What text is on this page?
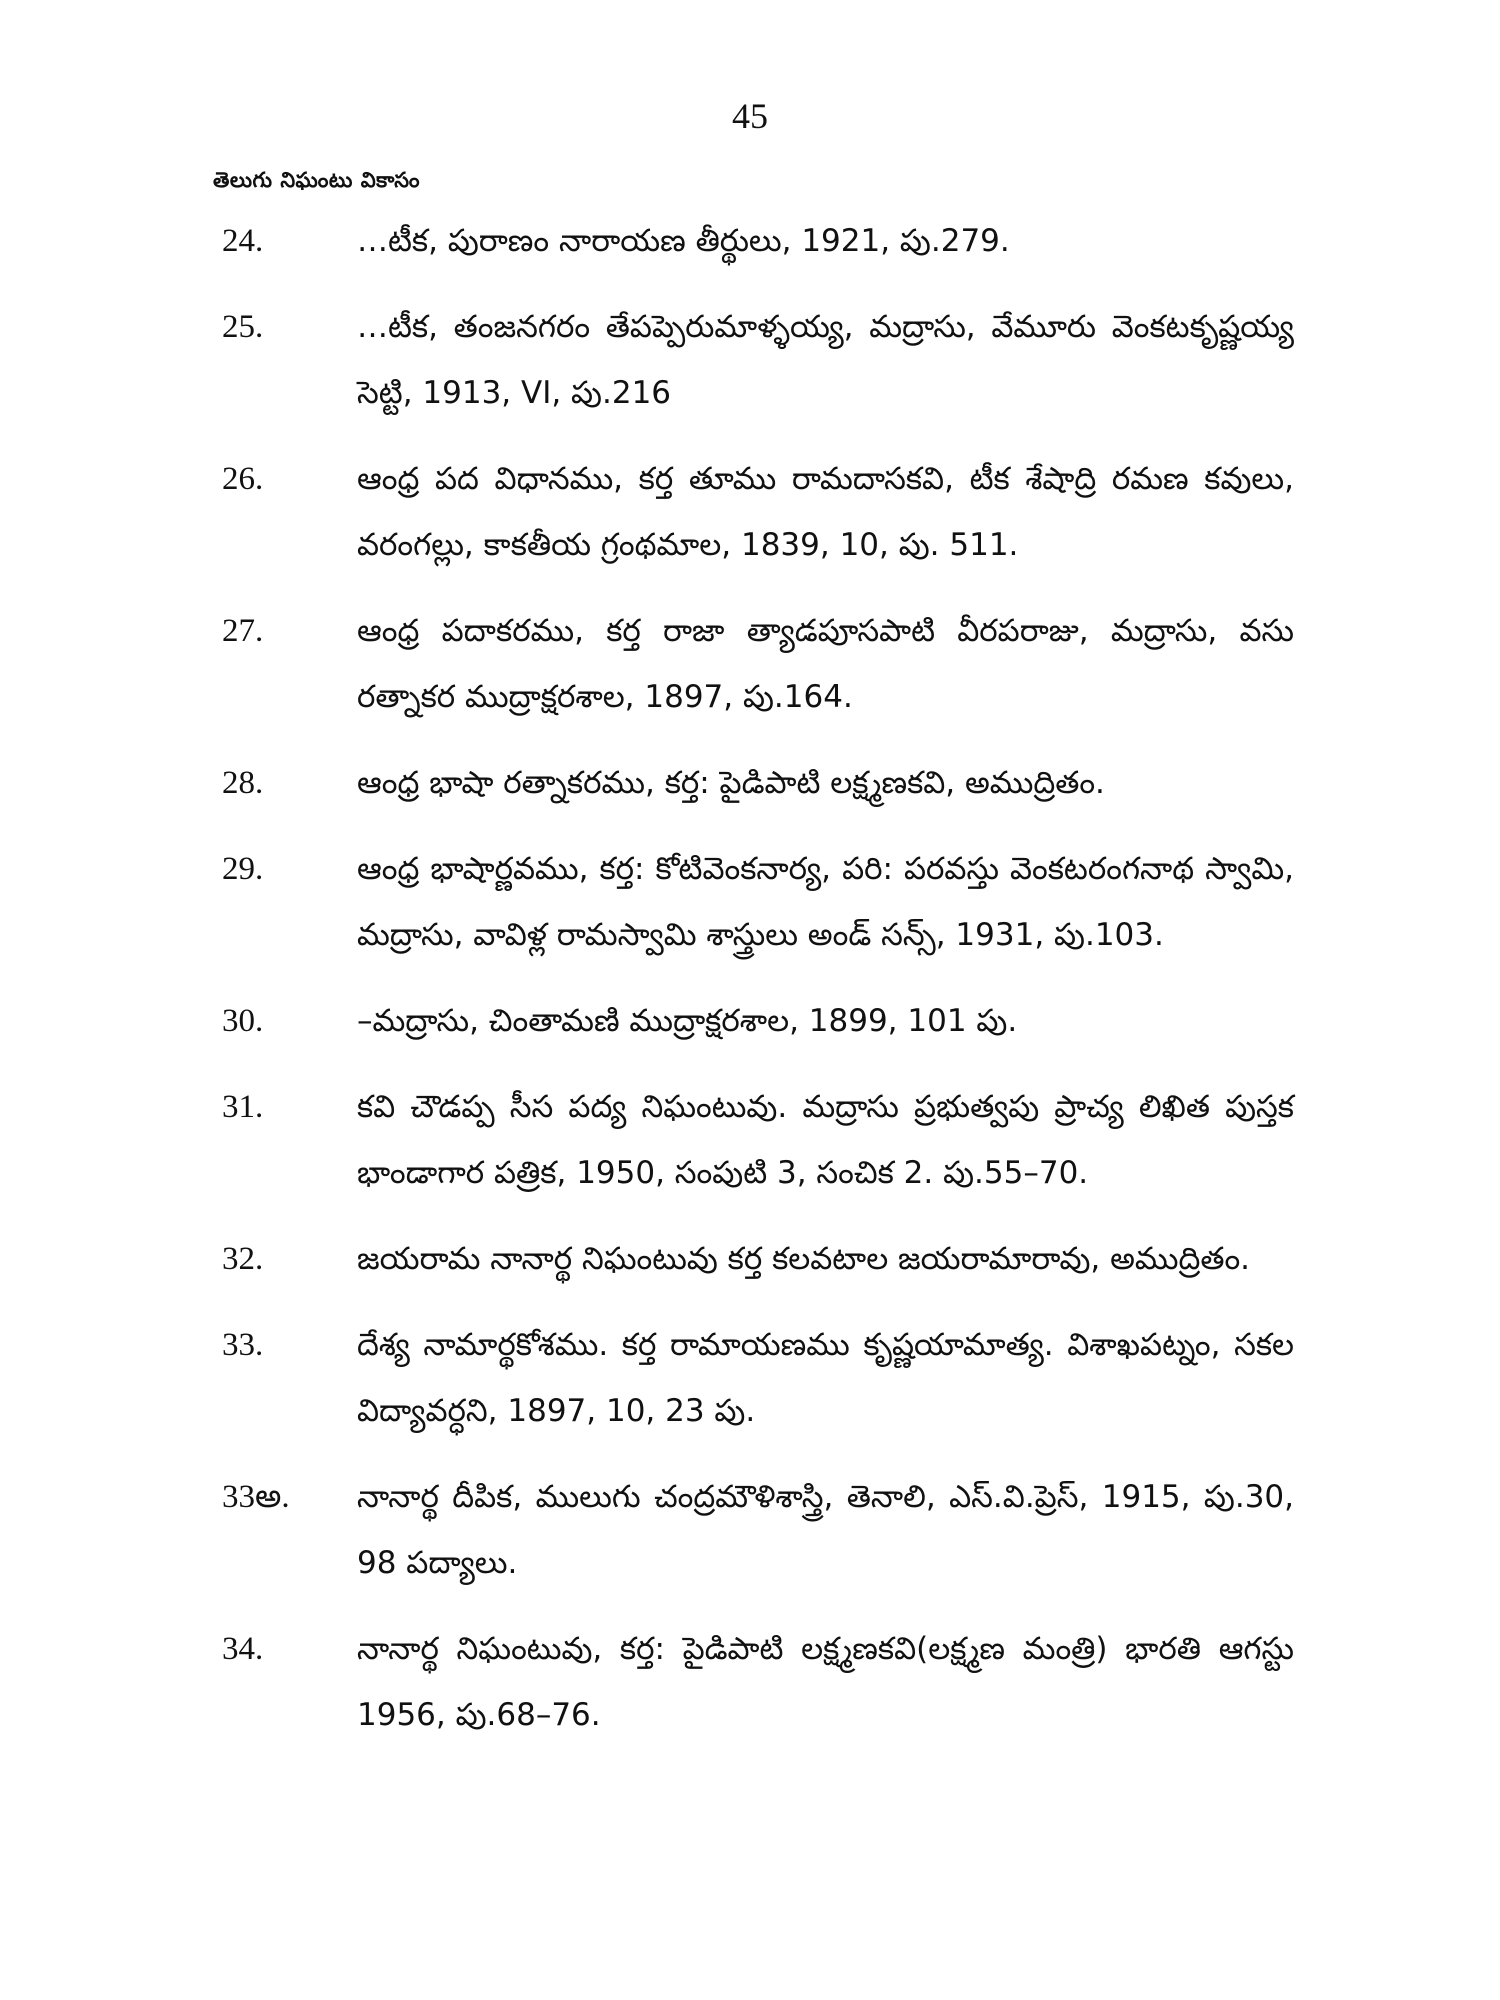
45
తెలుగు నిఘంటు వికాసం
24.	…టీక, పురాణం నారాయణ తీర్థులు, 1921, పు.279.
25.	…టీక, తంజనగరం తేపప్పెరుమాళ్ళయ్య, మద్రాసు, వేమూరు వెంకటకృష్ణయ్య సెట్టి, 1913, VI, పు.216
26.	ఆంధ్ర పద విధానము, కర్త తూము రామదాసకవి, టీక శేషాద్రి రమణ కవులు, వరంగల్లు, కాకతీయ గ్రంథమాల, 1839, 10, పు. 511.
27.	ఆంధ్ర పదాకరము, కర్త రాజా త్యాడపూసపాటి వీరపరాజు, మద్రాసు, వసు రత్నాకర ముద్రాక్షరశాల, 1897, పు.164.
28.	ఆంధ్ర భాషా రత్నాకరము, కర్త: పైడిపాటి లక్ష్మణకవి, అముద్రితం.
29.	ఆంధ్ర భాషార్ణవము, కర్త: కోటివెంకనార్య, పరి: పరవస్తు వెంకటరంగనాథ స్వామి, మద్రాసు, వావిళ్ల రామస్వామి శాస్త్రులు అండ్ సన్స్, 1931, పు.103.
30.	–మద్రాసు, చింతామణి ముద్రాక్షరశాల, 1899, 101 పు.
31.	కవి చౌడప్ప సీస పద్య నిఘంటువు. మద్రాసు ప్రభుత్వపు ప్రాచ్య లిఖిత పుస్తక భాండాగార పత్రిక, 1950, సంపుటి 3, సంచిక 2. పు.55–70.
32.	జయరామ నానార్థ నిఘంటువు కర్త కలవటాల జయరామారావు, అముద్రితం.
33.	దేశ్య నామార్థకోశము. కర్త రామాయణము కృష్ణయామాత్య. విశాఖపట్నం, సకల విద్యావర్ధని, 1897, 10, 23 పు.
33అ.	నానార్థ దీపిక, ములుగు చంద్రమౌళిశాస్త్రి, తెనాలి, ఎస్.వి.ప్రెస్, 1915, పు.30, 98 పద్యాలు.
34.	నానార్థ నిఘంటువు, కర్త: పైడిపాటి లక్ష్మణకవి(లక్ష్మణ మంత్రి) భారతి ఆగస్టు 1956, పు.68–76.
